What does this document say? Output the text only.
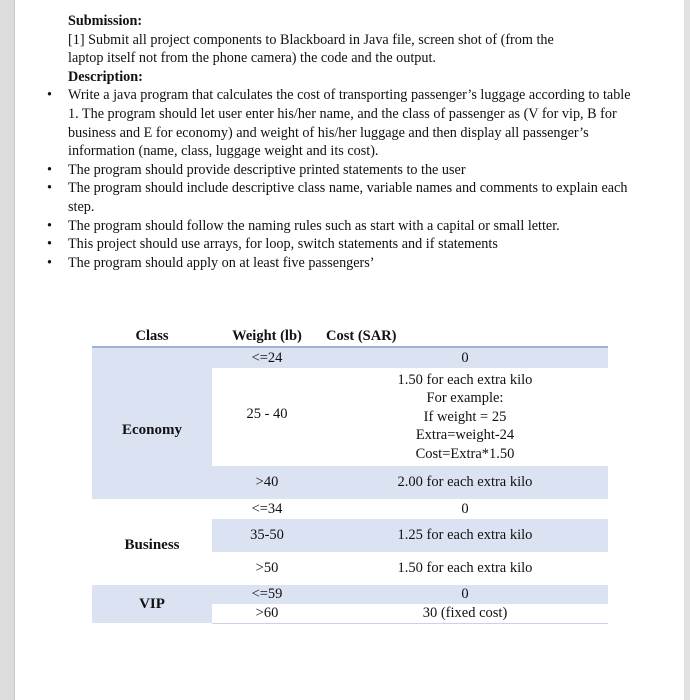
Submission:
[1] Submit all project components to Blackboard in Java file, screen shot of (from the
laptop itself not from the phone camera) the code and the output.
Description:
• Write a java program that calculates the cost of transporting passenger’s luggage according to table 1. The program should let user enter his/her name, and the class of passenger as (V for vip, B for business and E for economy) and weight of his/her luggage and then display all passenger’s information (name, class, luggage weight and its cost).
• The program should provide descriptive printed statements to the user
• The program should include descriptive class name, variable names and comments to explain each step.
• The program should follow the naming rules such as start with a capital or small letter.
• This project should use arrays, for loop, switch statements and if statements
• The program should apply on at least five passengers’
Class	Weight (lb)	Cost (SAR)
Economy	<=24	0
	25 - 40	1.50 for each extra kilo
For example:
If weight = 25
Extra=weight-24
Cost=Extra*1.50

	>40	2.00 for each extra kilo
Business	<=34	0
	35-50	1.25 for each extra kilo
	>50	1.50 for each extra kilo
VIP	<=59	0
	>60	30 (fixed cost)
